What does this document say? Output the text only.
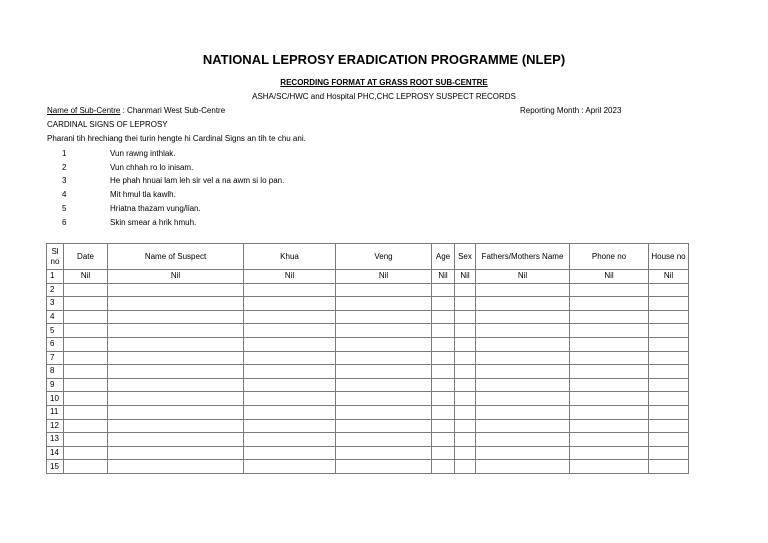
NATIONAL LEPROSY ERADICATION PROGRAMME (NLEP)
RECORDING FORMAT AT GRASS ROOT SUB-CENTRE
ASHA/SC/HWC and Hospital PHC,CHC LEPROSY SUSPECT RECORDS
Name of Sub-Centre : Chanmari West Sub-Centre	Reporting Month : April 2023
CARDINAL SIGNS OF LEPROSY
Pharani tih hrechiang thei turin hengte hi Cardinal Signs an tih te chu ani.
1	Vun rawng inthlak.
2	Vun chhah ro lo inisam.
3	He phah hnuai lam leh sir vel a na awm si lo pan.
4	Mit hmul tla kawlh.
5	Hriatna thazam vung/lian.
6	Skin smear a hrik hmuh.
Sl no	Date	Name of Suspect	Khua	Veng	Age	Sex	Fathers/Mothers Name	Phone no	House no
1	Nil	Nil	Nil	Nil	Nil	Nil	Nil	Nil	Nil
2									
3									
4									
5									
6									
7									
8									
9									
10									
11									
12									
13									
14									
15									
